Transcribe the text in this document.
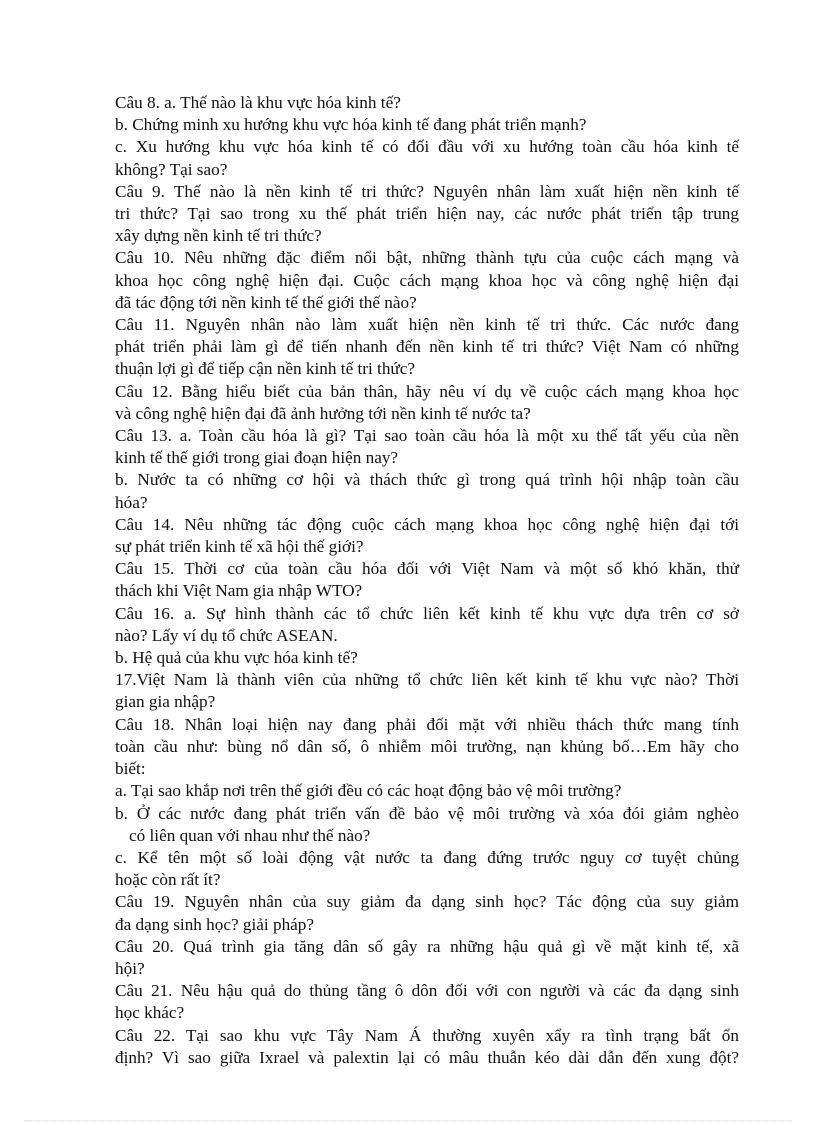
Câu 8. a. Thế nào là khu vực hóa kinh tế?
b. Chứng minh xu hướng khu vực hóa kinh tế đang phát triển mạnh?
c. Xu hướng khu vực hóa kinh tế có đối đầu với xu hướng toàn cầu hóa kinh tế
không? Tại sao?
Câu 9. Thế nào là nền kinh tế tri thức? Nguyên nhân làm xuất hiện nền kinh tế
tri thức? Tại sao trong xu thế phát triển hiện nay, các nước phát triển tập trung
xây dựng nền kinh tế tri thức?
Câu 10. Nêu những đặc điểm nổi bật, những thành tựu của cuộc cách mạng và
khoa học công nghệ hiện đại. Cuộc cách mạng khoa học và công nghệ hiện đại
đã tác động tới nền kinh tế thế giới thế nào?
Câu 11. Nguyên nhân nào làm xuất hiện nền kinh tế tri thức. Các nước đang
phát triển phải làm gì để tiến nhanh đến nền kinh tế tri thức? Việt Nam có những
thuận lợi gì để tiếp cận nền kinh tế tri thức?
Câu 12. Bằng hiểu biết của bản thân, hãy nêu ví dụ về cuộc cách mạng khoa học
và công nghệ hiện đại đã ảnh hưởng tới nền kinh tế nước ta?
Câu 13. a. Toàn cầu hóa là gì? Tại sao toàn cầu hóa là một xu thế tất yếu của nền
kinh tế thế giới trong giai đoạn hiện nay?
b. Nước ta có những cơ hội và thách thức gì trong quá trình hội nhập toàn cầu
hóa?
Câu 14. Nêu những tác động cuộc cách mạng khoa học công nghệ hiện đại tới
sự phát triển kinh tế xã hội thế giới?
Câu 15. Thời cơ của toàn cầu hóa đối với Việt Nam và một số khó khăn, thử
thách khi Việt Nam gia nhập WTO?
Câu 16. a. Sự hình thành các tổ chức liên kết kinh tế khu vực dựa trên cơ sở
nào? Lấy ví dụ tổ chức ASEAN.
b. Hệ quả của khu vực hóa kinh tế?
17.Việt Nam là thành viên của những tổ chức liên kết kinh tế khu vực nào? Thời
gian gia nhập?
Câu 18. Nhân loại hiện nay đang phải đối mặt với nhiều thách thức mang tính
toàn cầu như: bùng nổ dân số, ô nhiễm môi trường, nạn khủng bố…Em hãy cho
biết:
a. Tại sao khắp nơi trên thế giới đều có các hoạt động bảo vệ môi trường?
b. Ở các nước đang phát triển vấn đề bảo vệ môi trường và xóa đói giảm nghèo
có liên quan với nhau như thế nào?
c. Kể tên một số loài động vật nước ta đang đứng trước nguy cơ tuyệt chủng
hoặc còn rất ít?
Câu 19. Nguyên nhân của suy giảm đa dạng sinh học? Tác động của suy giảm
đa dạng sinh học? giải pháp?
Câu 20. Quá trình gia tăng dân số gây ra những hậu quả gì về mặt kinh tế, xã
hội?
Câu 21. Nêu hậu quả do thủng tầng ô dôn đối với con người và các đa dạng sinh
học khác?
Câu 22. Tại sao khu vực Tây Nam Á thường xuyên xẩy ra tình trạng bất ổn
định? Vì sao giữa Ixrael và palextin lại có mâu thuẫn kéo dài dẫn đến xung đột?
